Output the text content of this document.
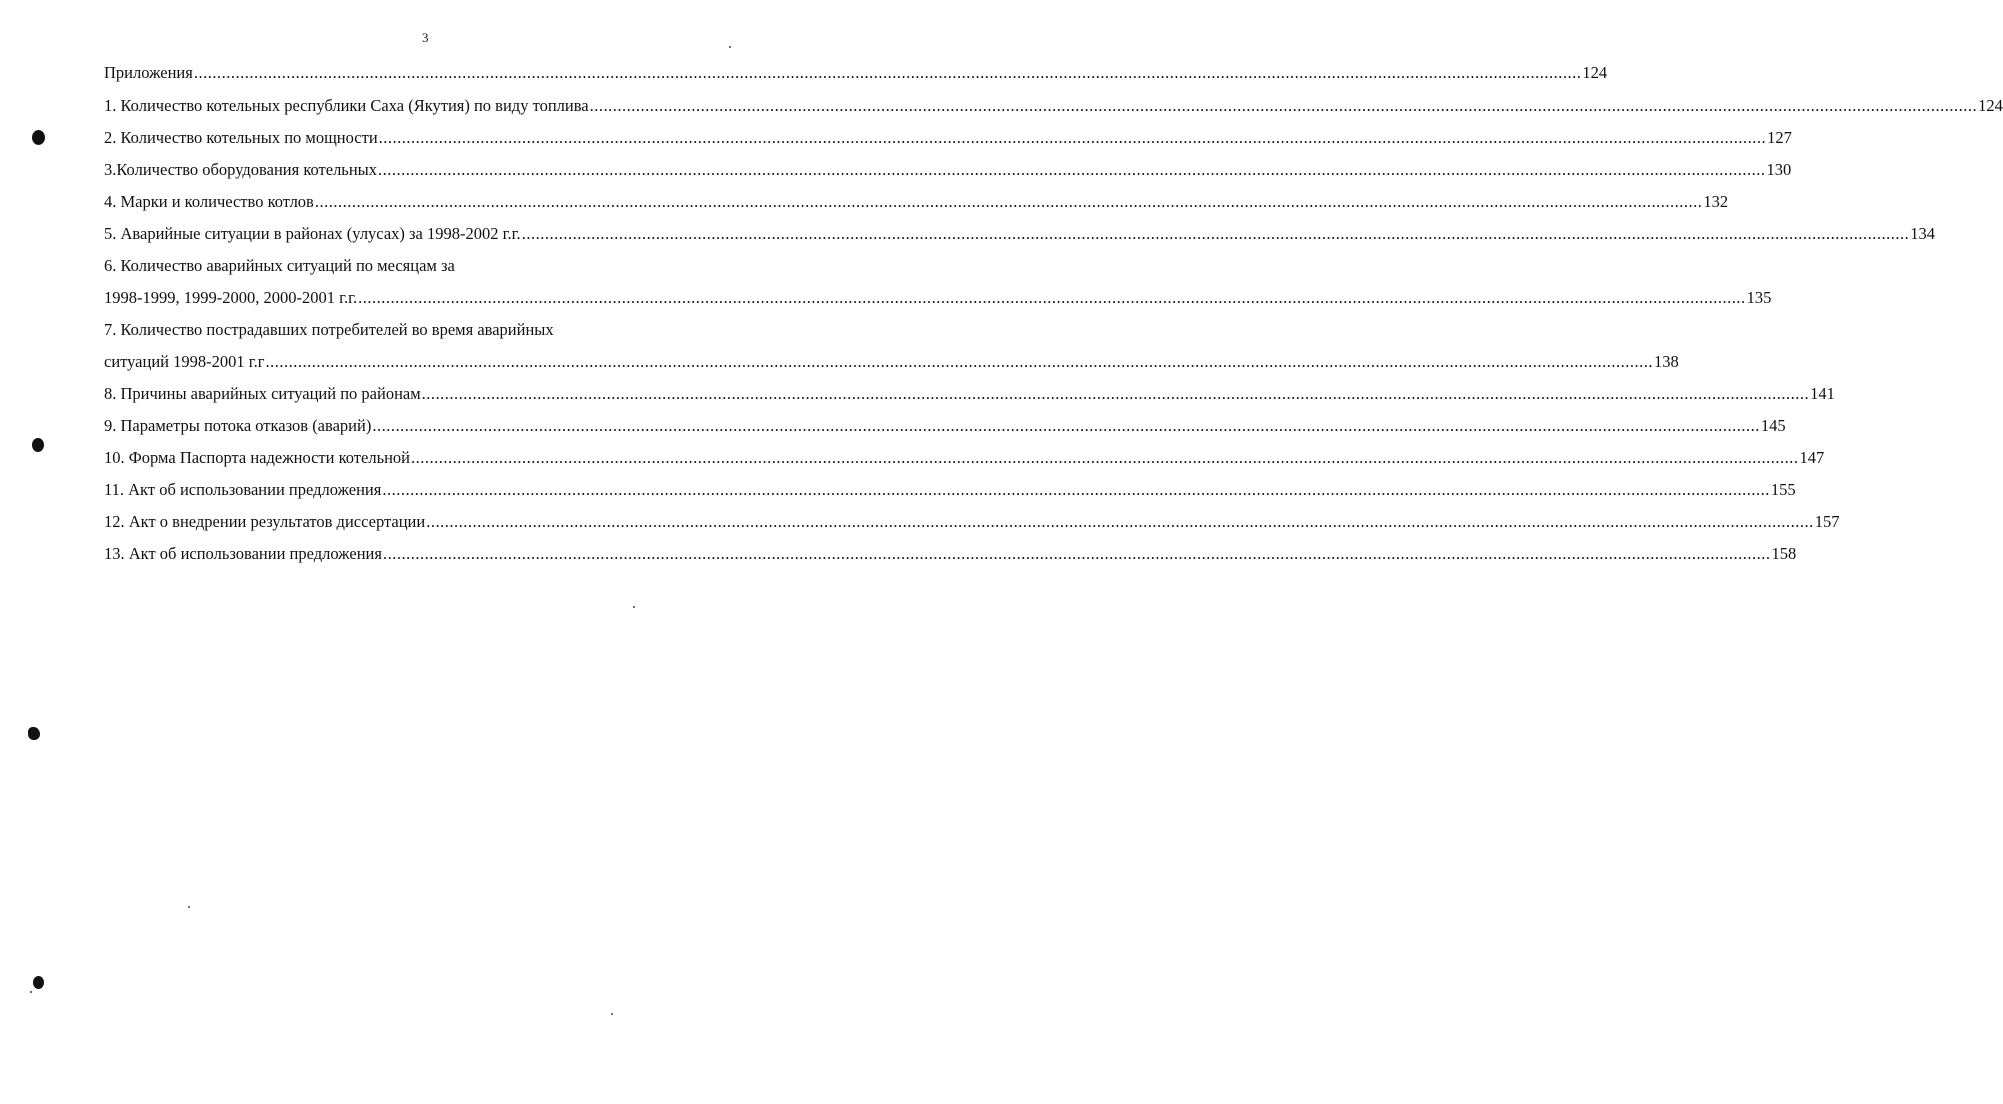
3
Приложения ............................................................................................................................................................................................................................................................................................................ 124
1. Количество котельных республики Саха (Якутия) по виду топлива ............................................................................................................................................................................................................................................................................................................ 124
2. Количество котельных по мощности ............................................................................................................................................................................................................................................................................................................ 127
3.Количество оборудования котельных ............................................................................................................................................................................................................................................................................................................ 130
4. Марки и количество котлов ............................................................................................................................................................................................................................................................................................................ 132
5. Аварийные ситуации в районах (улусах) за 1998-2002 г.г. ............................................................................................................................................................................................................................................................................................................ 134
6. Количество аварийных ситуаций по месяцам за
1998-1999, 1999-2000, 2000-2001 г.г. ............................................................................................................................................................................................................................................................................................................ 135
7. Количество пострадавших потребителей во время аварийных
ситуаций 1998-2001 г.г ............................................................................................................................................................................................................................................................................................................ 138
8. Причины аварийных ситуаций по районам ............................................................................................................................................................................................................................................................................................................ 141
9. Параметры потока отказов (аварий) ............................................................................................................................................................................................................................................................................................................ 145
10. Форма Паспорта надежности котельной ............................................................................................................................................................................................................................................................................................................ 147
11. Акт об использовании предложения ............................................................................................................................................................................................................................................................................................................ 155
12. Акт о внедрении результатов диссертации ............................................................................................................................................................................................................................................................................................................ 157
13. Акт об использовании предложения ............................................................................................................................................................................................................................................................................................................ 158
